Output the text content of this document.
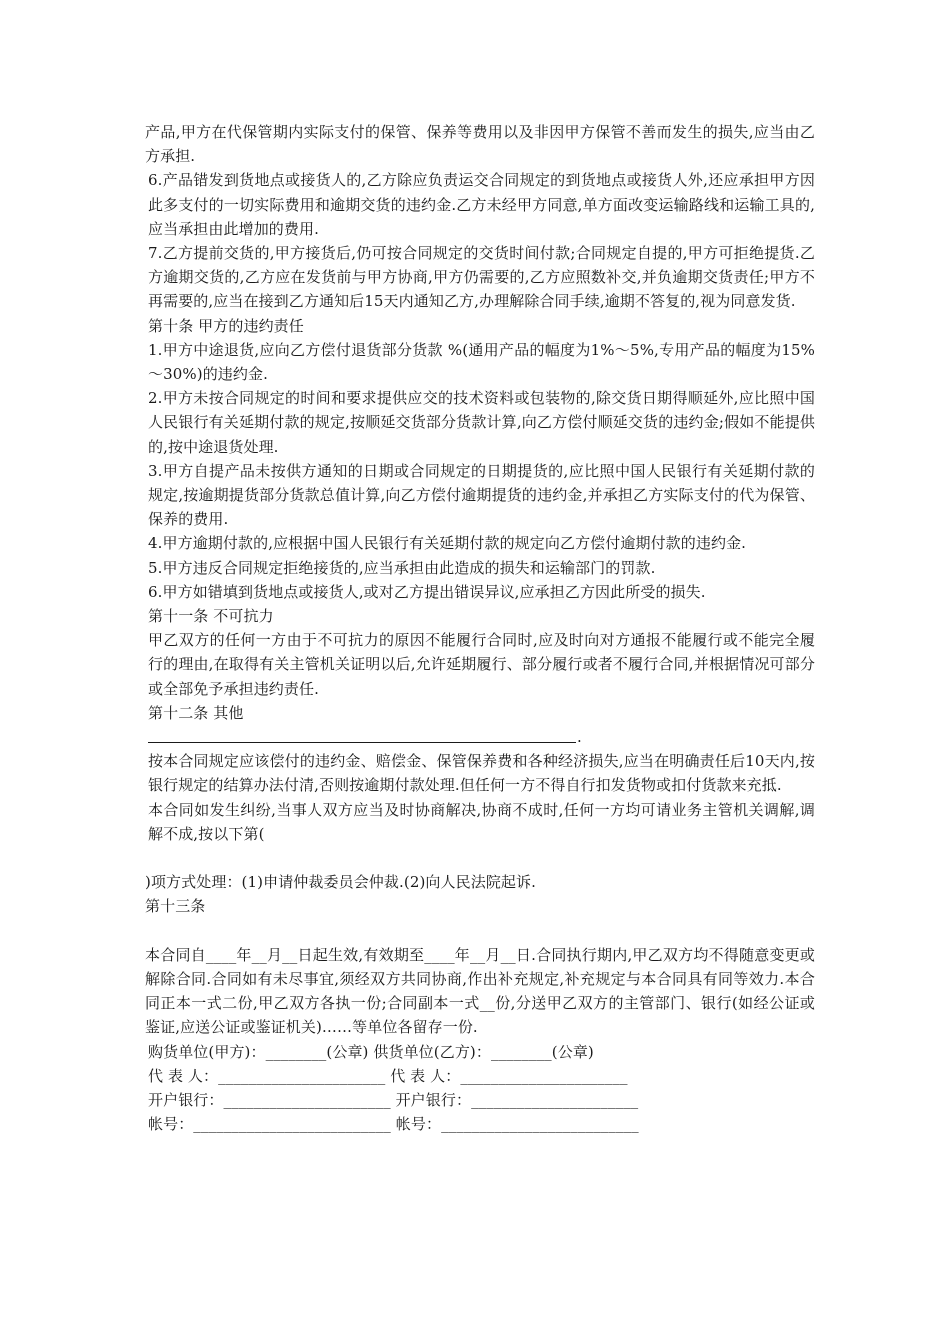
产品,甲方在代保管期内实际支付的保管、保养等费用以及非因甲方保管不善而发生的损失,应当由乙方承担.

6.产品错发到货地点或接货人的,乙方除应负责运交合同规定的到货地点或接货人外,还应承担甲方因此多支付的一切实际费用和逾期交货的违约金.乙方未经甲方同意,单方面改变运输路线和运输工具的,应当承担由此增加的费用.

7.乙方提前交货的,甲方接货后,仍可按合同规定的交货时间付款;合同规定自提的,甲方可拒绝提货.乙方逾期交货的,乙方应在发货前与甲方协商,甲方仍需要的,乙方应照数补交,并负逾期交货责任;甲方不再需要的,应当在接到乙方通知后15天内通知乙方,办理解除合同手续,逾期不答复的,视为同意发货.

第十条 甲方的违约责任

1.甲方中途退货,应向乙方偿付退货部分货款 %(通用产品的幅度为1%～5%,专用产品的幅度为15%～30%)的违约金.

2.甲方未按合同规定的时间和要求提供应交的技术资料或包装物的,除交货日期得顺延外,应比照中国人民银行有关延期付款的规定,按顺延交货部分货款计算,向乙方偿付顺延交货的违约金;假如不能提供的,按中途退货处理.

3.甲方自提产品未按供方通知的日期或合同规定的日期提货的,应比照中国人民银行有关延期付款的规定,按逾期提货部分货款总值计算,向乙方偿付逾期提货的违约金,并承担乙方实际支付的代为保管、保养的费用.

4.甲方逾期付款的,应根据中国人民银行有关延期付款的规定向乙方偿付逾期付款的违约金.

5.甲方违反合同规定拒绝接货的,应当承担由此造成的损失和运输部门的罚款.

6.甲方如错填到货地点或接货人,或对乙方提出错误异议,应承担乙方因此所受的损失.

第十一条 不可抗力

甲乙双方的任何一方由于不可抗力的原因不能履行合同时,应及时向对方通报不能履行或不能完全履行的理由,在取得有关主管机关证明以后,允许延期履行、部分履行或者不履行合同,并根据情况可部分或全部免予承担违约责任.

第十二条 其他

.

按本合同规定应该偿付的违约金、赔偿金、保管保养费和各种经济损失,应当在明确责任后10天内,按银行规定的结算办法付清,否则按逾期付款处理.但任何一方不得自行扣发货物或扣付货款来充抵.

本合同如发生纠纷,当事人双方应当及时协商解决,协商不成时,任何一方均可请业务主管机关调解,调解不成,按以下第(

)项方式处理：(1)申请仲裁委员会仲裁.(2)向人民法院起诉.

第十三条

本合同自____年__月__日起生效,有效期至____年__月__日.合同执行期内,甲乙双方均不得随意变更或解除合同.合同如有未尽事宜,须经双方共同协商,作出补充规定,补充规定与本合同具有同等效力.本合同正本一式二份,甲乙双方各执一份;合同副本一式__份,分送甲乙双方的主管部门、银行(如经公证或鉴证,应送公证或鉴证机关)……等单位各留存一份.

购货单位(甲方)：________(公章) 供货单位(乙方)：________(公章)

代 表 人：______________________ 代 表 人：______________________

开户银行：______________________ 开户银行：______________________

帐号：__________________________ 帐号：__________________________
